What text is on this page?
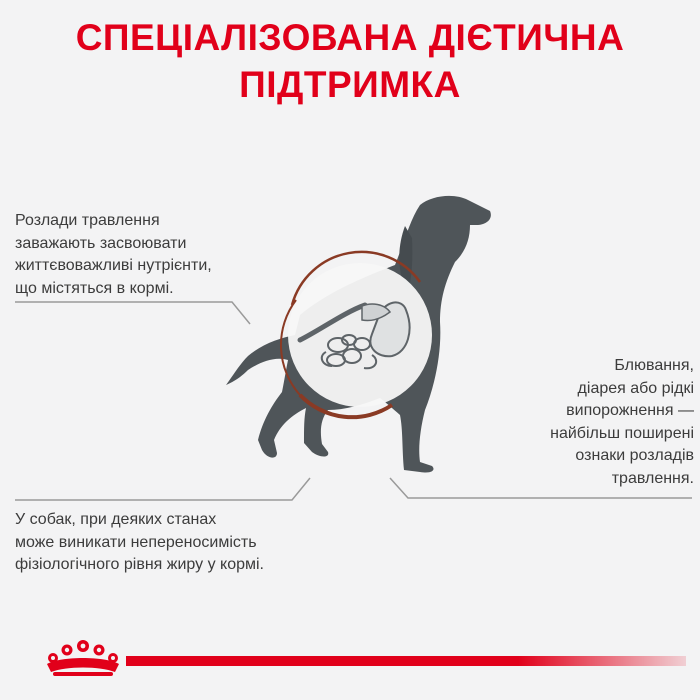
СПЕЦІАЛІЗОВАНА ДІЄТИЧНА
ПІДТРИМКА
Розлади травлення
заважають засвоювати
життєвоважливі нутрієнти,
що містяться в кормі.
Блювання,
діарея або рідкі
випорожнення —
найбільш поширені
ознаки розладів
травлення.
У собак, при деяких станах
може виникати непереносимість
фізіологічного рівня жиру у кормі.
